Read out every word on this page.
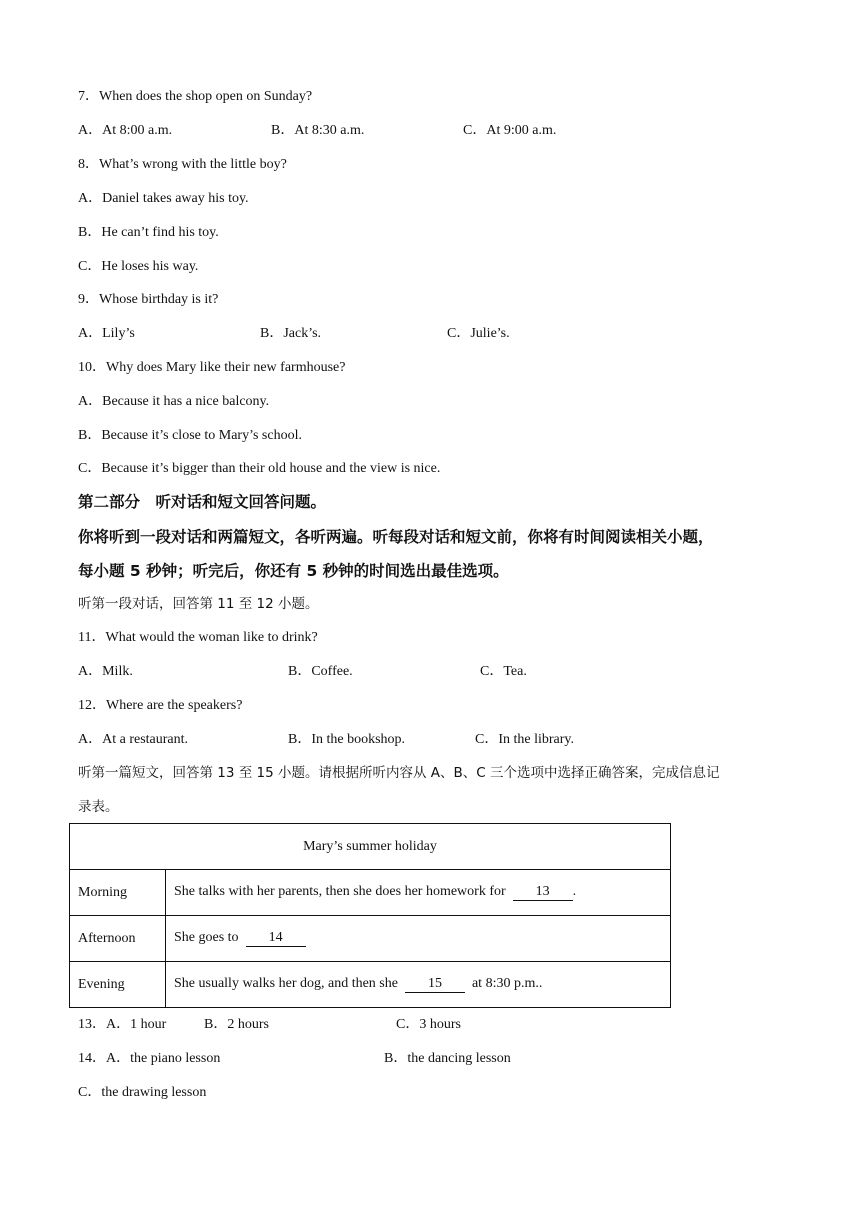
7．When does the shop open on Sunday?
A．At 8:00 a.m.	B．At 8:30 a.m.	C．At 9:00 a.m.
8．What’s wrong with the little boy?
A．Daniel takes away his toy.
B．He can’t find his toy.
C．He loses his way.
9．Whose birthday is it?
A．Lily’s	B．Jack’s.	C．Julie’s.
10．Why does Mary like their new farmhouse?
A．Because it has a nice balcony.
B．Because it’s close to Mary’s school.
C．Because it’s bigger than their old house and the view is nice.
第二部分　听对话和短文回答问题。
你将听到一段对话和两篇短文，各听两遍。听每段对话和短文前，你将有时间阅读相关小题，
每小题 5 秒钟；听完后，你还有 5 秒钟的时间选出最佳选项。
听第一段对话，回答第 11 至 12 小题。
11．What would the woman like to drink?
A．Milk.	B．Coffee.	C．Tea.
12．Where are the speakers?
A．At a restaurant.	B．In the bookshop.	C．In the library.
听第一篇短文，回答第 13 至 15 小题。请根据所听内容从 A、B、C 三个选项中选择正确答案，完成信息记
录表。
Mary’s summer holiday	
Morning	She talks with her parents, then she does her homework for 13 .
Afternoon	She goes to 14
Evening	She usually walks her dog, and then she 15 at 8:30 p.m..
13．A．1 hour	B．2 hours	C．3 hours
14．A．the piano lesson	B．the dancing lesson
C．the drawing lesson
